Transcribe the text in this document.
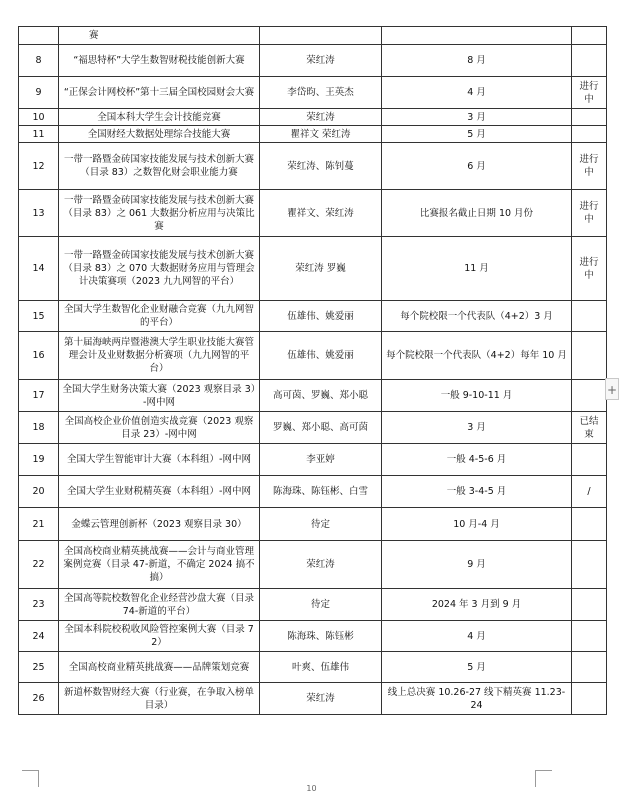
	赛			
8	“福思特杯”大学生数智财税技能创新大赛	荣红涛	8 月	
9	“正保会计网校杯”第十三届全国校园财会大赛	李岱昀、王英杰	4 月	进行中
10	全国本科大学生会计技能竞赛	荣红涛	3 月	
11	全国财经大数据处理综合技能大赛	瞿祥文 荣红涛	5 月	
12	一带一路暨金砖国家技能发展与技术创新大赛（目录 83）之数智化财会职业能力赛	荣红涛、陈钊蔓	6 月	进行中
13	一带一路暨金砖国家技能发展与技术创新大赛（目录 83）之 061 大数据分析应用与决策比赛	瞿祥文、荣红涛	比赛报名截止日期 10 月份	进行中
14	一带一路暨金砖国家技能发展与技术创新大赛（目录 83）之 070 大数据财务应用与管理会计决策赛项（2023 九九网智的平台）	荣红涛 罗巍	11 月	进行中
15	全国大学生数智化企业财融合竞赛（九九网智的平台）	伍雄伟、姚爱丽	每个院校限一个代表队（4+2）3 月	
16	第十届海峡两岸暨港澳大学生职业技能大赛管理会计及业财数据分析赛项（九九网智的平台）	伍雄伟、姚爱丽	每个院校限一个代表队（4+2）每年 10 月	
17	全国大学生财务决策大赛（2023 观察目录 3）-网中网	高可茵、罗巍、郑小聪	一般 9-10-11 月	
18	全国高校企业价值创造实战竞赛（2023 观察目录 23）-网中网	罗巍、郑小聪、高可茵	3 月	已结束
19	全国大学生智能审计大赛（本科组）-网中网	李亚婷	一般 4-5-6 月	
20	全国大学生业财税精英赛（本科组）-网中网	陈海珠、陈钰彬、白雪	一般 3-4-5 月	/
21	金蝶云管理创新杯（2023 观察目录 30）	待定	10 月-4 月	
22	全国高校商业精英挑战赛——会计与商业管理案例竞赛（目录 47-新道，不确定 2024 搞不搞）	荣红涛	9 月	
23	全国高等院校数智化企业经营沙盘大赛（目录 74-新道的平台）	待定	2024 年 3 月到 9 月	
24	全国本科院校税收风险管控案例大赛（目录 72）	陈海珠、陈钰彬	4 月	
25	全国高校商业精英挑战赛——品牌策划竞赛	叶爽、伍雄伟	5 月	
26	新道杯数智财经大赛（行业赛，在争取入榜单目录）	荣红涛	线上总决赛 10.26-27 线下精英赛 11.23-24	
+
10
